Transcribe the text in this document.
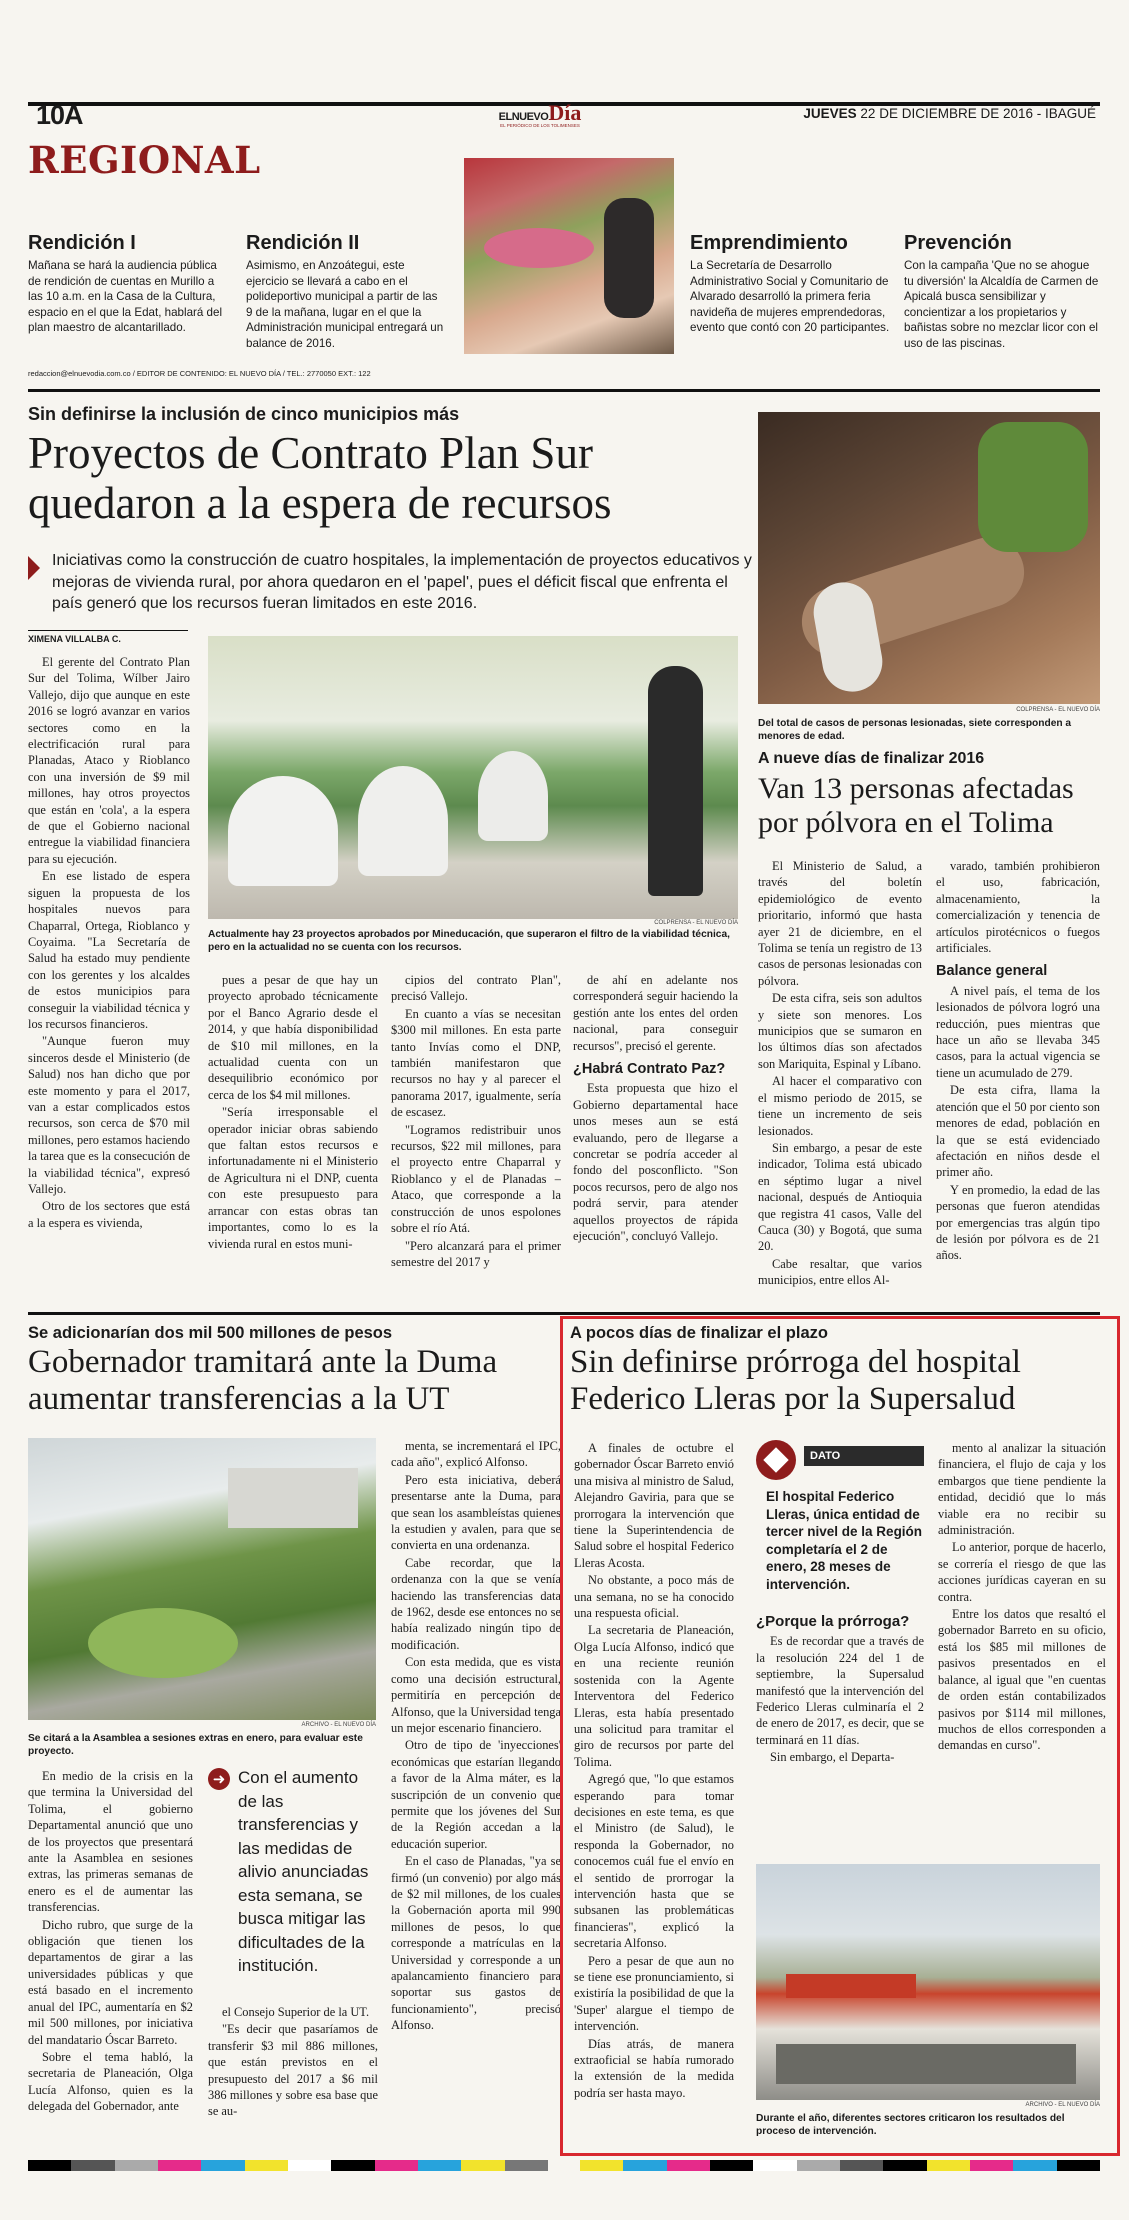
10A	ELNUEVODía
EL PERIÓDICO DE LOS TOLIMENSES
JUEVES 22 DE DICIEMBRE DE 2016 - IBAGUÉ
REGIONAL
Rendición I

Mañana se hará la audiencia pública de rendición de cuentas en Murillo a las 10 a.m. en la Casa de la Cultura, espacio en el que la Edat, hablará del plan maestro de alcantarillado.

Rendición II

Asimismo, en Anzoátegui, este ejercicio se llevará a cabo en el polideportivo municipal a partir de las 9 de la mañana, lugar en el que la Administración municipal entregará un balance de 2016.

Emprendimiento

La Secretaría de Desarrollo Administrativo Social y Comunitario de Alvarado desarrolló la primera feria navideña de mujeres emprendedoras, evento que contó con 20 participantes.

Prevención

Con la campaña 'Que no se ahogue tu diversión' la Alcaldía de Carmen de Apicalá busca sensibilizar y concientizar a los propietarios y bañistas sobre no mezclar licor con el uso de las piscinas.

redaccion@elnuevodia.com.co / EDITOR DE CONTENIDO: EL NUEVO DÍA / TEL.: 2770050 EXT.: 122
Sin definirse la inclusión de cinco municipios más
Proyectos de Contrato Plan Sur
quedaron a la espera de recursos
Iniciativas como la construcción de cuatro hospitales, la implementación de proyectos educativos y mejoras de vivienda rural, por ahora quedaron en el 'papel', pues el déficit fiscal que enfrenta el país generó que los recursos fueran limitados en este 2016.
XIMENA VILLALBA C.

El gerente del Contrato Plan Sur del Tolima, Wílber Jairo Vallejo, dijo que aunque en este 2016 se logró avanzar en varios sectores como en la electrificación rural para Planadas, Ataco y Rioblanco con una inversión de $9 mil millones, hay otros proyectos que están en 'cola', a la espera de que el Gobierno nacional entregue la viabilidad financiera para su ejecución.

En ese listado de espera siguen la propuesta de los hospitales nuevos para Chaparral, Ortega, Rioblanco y Coyaima. "La Secretaría de Salud ha estado muy pendiente con los gerentes y los alcaldes de estos municipios para conseguir la viabilidad técnica y los recursos financieros.

"Aunque fueron muy sinceros desde el Ministerio (de Salud) nos han dicho que por este momento y para el 2017, van a estar complicados estos recursos, son cerca de $70 mil millones, pero estamos haciendo la tarea que es la consecución de la viabilidad técnica", expresó Vallejo.

Otro de los sectores que está a la espera es vivienda,

COLPRENSA - EL NUEVO DÍA
Actualmente hay 23 proyectos aprobados por Mineducación, que superaron el filtro de la viabilidad técnica, pero en la actualidad no se cuenta con los recursos.

pues a pesar de que hay un proyecto aprobado técnicamente por el Banco Agrario desde el 2014, y que había disponibilidad de $10 mil millones, en la actualidad cuenta con un desequilibrio económico por cerca de los $4 mil millones.

"Sería irresponsable el operador iniciar obras sabiendo que faltan estos recursos e infortunadamente ni el Ministerio de Agricultura ni el DNP, cuenta con este presupuesto para arrancar con estas obras tan importantes, como lo es la vivienda rural en estos muni-

cipios del contrato Plan", precisó Vallejo.

En cuanto a vías se necesitan $300 mil millones. En esta parte tanto Invías como el DNP, también manifestaron que recursos no hay y al parecer el panorama 2017, igualmente, sería de escasez.

"Logramos redistribuir unos recursos, $22 mil millones, para el proyecto entre Chaparral y Rioblanco y el de Planadas – Ataco, que corresponde a la construcción de unos espolones sobre el río Atá.

"Pero alcanzará para el primer semestre del 2017 y

de ahí en adelante nos corresponderá seguir haciendo la gestión ante los entes del orden nacional, para conseguir recursos", precisó el gerente.

¿Habrá Contrato Paz?

Esta propuesta que hizo el Gobierno departamental hace unos meses aun se está evaluando, pero de llegarse a concretar se podría acceder al fondo del posconflicto. "Son pocos recursos, pero de algo nos podrá servir, para atender aquellos proyectos de rápida ejecución", concluyó Vallejo.

COLPRENSA - EL NUEVO DÍA
Del total de casos de personas lesionadas, siete corresponden a menores de edad.
A nueve días de finalizar 2016
Van 13 personas afectadas
por pólvora en el Tolima

El Ministerio de Salud, a través del boletín epidemiológico de evento prioritario, informó que hasta ayer 21 de diciembre, en el Tolima se tenía un registro de 13 casos de personas lesionadas con pólvora.

De esta cifra, seis son adultos y siete son menores. Los municipios que se sumaron en los últimos días son afectados son Mariquita, Espinal y Líbano.

Al hacer el comparativo con el mismo periodo de 2015, se tiene un incremento de seis lesionados.

Sin embargo, a pesar de este indicador, Tolima está ubicado en séptimo lugar a nivel nacional, después de Antioquia que registra 41 casos, Valle del Cauca (30) y Bogotá, que suma 20.

Cabe resaltar, que varios municipios, entre ellos Al-

varado, también prohibieron el uso, fabricación, almacenamiento, la comercialización y tenencia de artículos pirotécnicos o fuegos artificiales.

Balance general

A nivel país, el tema de los lesionados de pólvora logró una reducción, pues mientras que hace un año se llevaba 345 casos, para la actual vigencia se tiene un acumulado de 279.

De esta cifra, llama la atención que el 50 por ciento son menores de edad, población en la que se está evidenciado afectación en niños desde el primer año.

Y en promedio, la edad de las personas que fueron atendidas por emergencias tras algún tipo de lesión por pólvora es de 21 años.

Se adicionarían dos mil 500 millones de pesos
Gobernador tramitará ante la Duma
aumentar transferencias a la UT
ARCHIVO - EL NUEVO DÍA
Se citará a la Asamblea a sesiones extras en enero, para evaluar este proyecto.

En medio de la crisis en la que termina la Universidad del Tolima, el gobierno Departamental anunció que uno de los proyectos que presentará ante la Asamblea en sesiones extras, las primeras semanas de enero es el de aumentar las transferencias.

Dicho rubro, que surge de la obligación que tienen los departamentos de girar a las universidades públicas y que está basado en el incremento anual del IPC, aumentaría en $2 mil 500 millones, por iniciativa del mandatario Óscar Barreto.

Sobre el tema habló, la secretaria de Planeación, Olga Lucía Alfonso, quien es la delegada del Gobernador, ante

➜ Con el aumento de las transferencias y las medidas de alivio anunciadas esta semana, se busca mitigar las dificultades de la institución.

el Consejo Superior de la UT.

"Es decir que pasaríamos de transferir $3 mil 886 millones, que están previstos en el presupuesto del 2017 a $6 mil 386 millones y sobre esa base que se au-

menta, se incrementará el IPC, cada año", explicó Alfonso.

Pero esta iniciativa, deberá presentarse ante la Duma, para que sean los asambleístas quienes la estudien y avalen, para que se convierta en una ordenanza.

Cabe recordar, que la ordenanza con la que se venía haciendo las transferencias data de 1962, desde ese entonces no se había realizado ningún tipo de modificación.

Con esta medida, que es vista como una decisión estructural, permitiría en percepción de Alfonso, que la Universidad tenga un mejor escenario financiero.

Otro de tipo de 'inyecciones' económicas que estarían llegando a favor de la Alma máter, es la suscripción de un convenio que permite que los jóvenes del Sur de la Región accedan a la educación superior.

En el caso de Planadas, "ya se firmó (un convenio) por algo más de $2 mil millones, de los cuales la Gobernación aporta mil 990 millones de pesos, lo que corresponde a matrículas en la Universidad y corresponde a un apalancamiento financiero para soportar sus gastos de funcionamiento", precisó Alfonso.

A pocos días de finalizar el plazo
Sin definirse prórroga del hospital
Federico Lleras por la Supersalud

A finales de octubre el gobernador Óscar Barreto envió una misiva al ministro de Salud, Alejandro Gaviria, para que se prorrogara la intervención que tiene la Superintendencia de Salud sobre el hospital Federico Lleras Acosta.

No obstante, a poco más de una semana, no se ha conocido una respuesta oficial.

La secretaria de Planeación, Olga Lucía Alfonso, indicó que en una reciente reunión sostenida con la Agente Interventora del Federico Lleras, esta había presentado una solicitud para tramitar el giro de recursos por parte del Tolima.

Agregó que, "lo que estamos esperando para tomar decisiones en este tema, es que el Ministro (de Salud), le responda la Gobernador, no conocemos cuál fue el envío en el sentido de prorrogar la intervención hasta que se subsanen las problemáticas financieras", explicó la secretaria Alfonso.

Pero a pesar de que aun no se tiene ese pronunciamiento, si existiría la posibilidad de que la 'Super' alargue el tiempo de intervención.

Días atrás, de manera extraoficial se había rumorado la extensión de la medida podría ser hasta mayo.

DATO
El hospital Federico Lleras, única entidad de tercer nivel de la Región completaría el 2 de enero, 28 meses de intervención.
¿Porque la prórroga?

Es de recordar que a través de la resolución 224 del 1 de septiembre, la Supersalud manifestó que la intervención del Federico Lleras culminaría el 2 de enero de 2017, es decir, que se terminará en 11 días.

Sin embargo, el Departa-

mento al analizar la situación financiera, el flujo de caja y los embargos que tiene pendiente la entidad, decidió que lo más viable era no recibir su administración.

Lo anterior, porque de hacerlo, se correría el riesgo de que las acciones jurídicas cayeran en su contra.

Entre los datos que resaltó el gobernador Barreto en su oficio, está los $85 mil millones de pasivos presentados en el balance, al igual que "en cuentas de orden están contabilizados pasivos por $114 mil millones, muchos de ellos corresponden a demandas en curso".

ARCHIVO - EL NUEVO DÍA
Durante el año, diferentes sectores criticaron los resultados del proceso de intervención.
